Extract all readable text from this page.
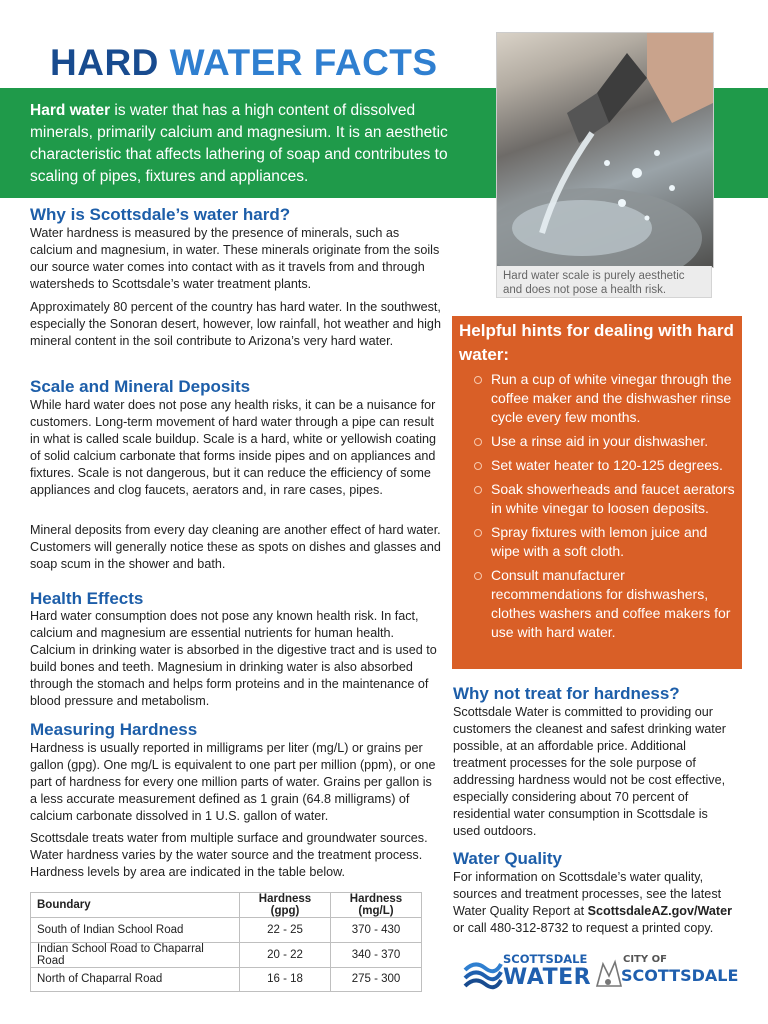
HARD WATER FACTS

Hard water is water that has a high content of dissolved minerals, primarily calcium and magnesium. It is an aesthetic characteristic that affects lathering of soap and contributes to scaling of pipes, fixtures and appliances.

Hard water scale is purely aesthetic and does not pose a health risk.
Why is Scottsdale’s water hard?

Water hardness is measured by the presence of minerals, such as calcium and magnesium, in water. These minerals originate from the soils our source water comes into contact with as it travels from and through watersheds to Scottsdale’s water treatment plants.

Approximately 80 percent of the country has hard water. In the southwest, especially the Sonoran desert, however, low rainfall, hot weather and high mineral content in the soil contribute to Arizona’s very hard water.

Scale and Mineral Deposits

While hard water does not pose any health risks, it can be a nuisance for customers. Long-term movement of hard water through a pipe can result in what is called scale buildup. Scale is a hard, white or yellowish coating of solid calcium carbonate that forms inside pipes and on appliances and fixtures. Scale is not dangerous, but it can reduce the efficiency of some appliances and clog faucets, aerators and, in rare cases, pipes.

Mineral deposits from every day cleaning are another effect of hard water. Customers will generally notice these as spots on dishes and glasses and soap scum in the shower and bath.

Health Effects

Hard water consumption does not pose any known health risk. In fact, calcium and magnesium are essential nutrients for human health. Calcium in drinking water is absorbed in the digestive tract and is used to build bones and teeth. Magnesium in drinking water is also absorbed through the stomach and helps form proteins and in the maintenance of blood pressure and metabolism.

Measuring Hardness

Hardness is usually reported in milligrams per liter (mg/L) or grains per gallon (gpg). One mg/L is equivalent to one part per million (ppm), or one part of hardness for every one million parts of water. Grains per gallon is a less accurate measurement defined as 1 grain (64.8 milligrams) of calcium carbonate dissolved in 1 U.S. gallon of water.

Scottsdale treats water from multiple surface and groundwater sources. Water hardness varies by the water source and the treatment process. Hardness levels by area are indicated in the table below.

Boundary	Hardness (gpg)	Hardness (mg/L)
South of Indian School Road	22 - 25	370 - 430
Indian School Road to Chaparral Road	20 - 22	340 - 370
North of Chaparral Road	16 - 18	275 - 300
Helpful hints for dealing with hard water:
Run a cup of white vinegar through the coffee maker and the dishwasher rinse cycle every few months.
Use a rinse aid in your dishwasher.
Set water heater to 120-125 degrees.
Soak showerheads and faucet aerators in white vinegar to loosen deposits.
Spray fixtures with lemon juice and wipe with a soft cloth.
Consult manufacturer recommendations for dishwashers, clothes washers and coffee makers for use with hard water.
Why not treat for hardness?

Scottsdale Water is committed to providing our customers the cleanest and safest drinking water possible, at an affordable price. Additional treatment processes for the sole purpose of addressing hardness would not be cost effective, especially considering about 70 percent of residential water consumption in Scottsdale is used outdoors.

Water Quality

For information on Scottsdale’s water quality, sources and treatment processes, see the latest Water Quality Report at ScottsdaleAZ.gov/Water or call 480-312-8732 to request a printed copy.

SCOTTSDALE
WATER
CITY OF
SCOTTSDALE
